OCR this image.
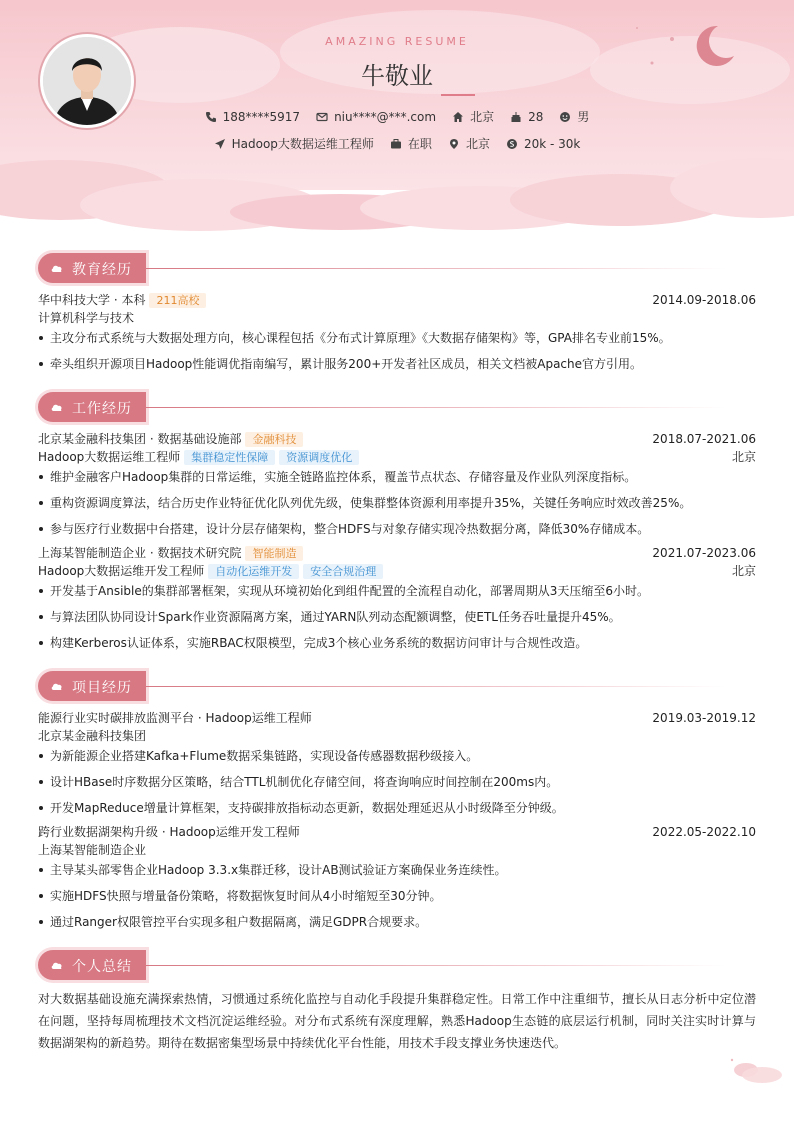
AMAZING RESUME
牛敬业
188****5917	niu****@***.com	北京	28	男
Hadoop大数据运维工程师	在职	北京	20k - 30k
教育经历
华中科技大学 · 本科 211高校	2014.09-2018.06
计算机科学与技术
主攻分布式系统与大数据处理方向，核心课程包括《分布式计算原理》《大数据存储架构》等，GPA排名专业前15%。
牵头组织开源项目Hadoop性能调优指南编写，累计服务200+开发者社区成员，相关文档被Apache官方引用。
工作经历
北京某金融科技集团 · 数据基础设施部 金融科技	2018.07-2021.06
Hadoop大数据运维工程师 集群稳定性保障 资源调度优化	北京
维护金融客户Hadoop集群的日常运维，实施全链路监控体系，覆盖节点状态、存储容量及作业队列深度指标。
重构资源调度算法，结合历史作业特征优化队列优先级，使集群整体资源利用率提升35%，关键任务响应时效改善25%。
参与医疗行业数据中台搭建，设计分层存储架构，整合HDFS与对象存储实现冷热数据分离，降低30%存储成本。
上海某智能制造企业 · 数据技术研究院 智能制造	2021.07-2023.06
Hadoop大数据运维开发工程师 自动化运维开发 安全合规治理	北京
开发基于Ansible的集群部署框架，实现从环境初始化到组件配置的全流程自动化，部署周期从3天压缩至6小时。
与算法团队协同设计Spark作业资源隔离方案，通过YARN队列动态配额调整，使ETL任务吞吐量提升45%。
构建Kerberos认证体系，实施RBAC权限模型，完成3个核心业务系统的数据访问审计与合规性改造。
项目经历
能源行业实时碳排放监测平台 · Hadoop运维工程师	2019.03-2019.12
北京某金融科技集团
为新能源企业搭建Kafka+Flume数据采集链路，实现设备传感器数据秒级接入。
设计HBase时序数据分区策略，结合TTL机制优化存储空间，将查询响应时间控制在200ms内。
开发MapReduce增量计算框架，支持碳排放指标动态更新，数据处理延迟从小时级降至分钟级。
跨行业数据湖架构升级 · Hadoop运维开发工程师	2022.05-2022.10
上海某智能制造企业
主导某头部零售企业Hadoop 3.3.x集群迁移，设计AB测试验证方案确保业务连续性。
实施HDFS快照与增量备份策略，将数据恢复时间从4小时缩短至30分钟。
通过Ranger权限管控平台实现多租户数据隔离，满足GDPR合规要求。
个人总结
对大数据基础设施充满探索热情，习惯通过系统化监控与自动化手段提升集群稳定性。日常工作中注重细节，擅长从日志分析中定位潜在问题，坚持每周梳理技术文档沉淀运维经验。对分布式系统有深度理解，熟悉Hadoop生态链的底层运行机制，同时关注实时计算与数据湖架构的新趋势。期待在数据密集型场景中持续优化平台性能，用技术手段支撑业务快速迭代。
